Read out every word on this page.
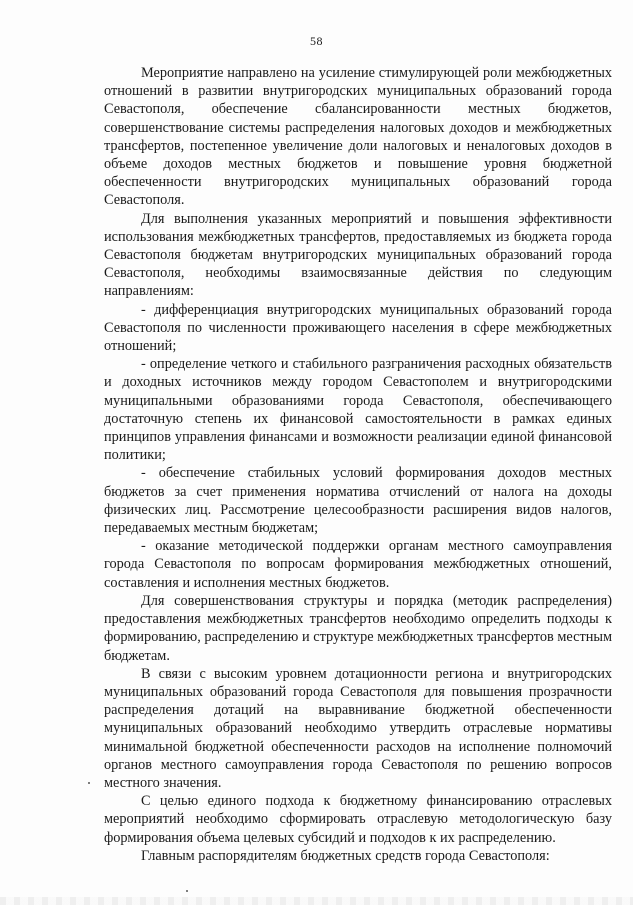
58

Мероприятие направлено на усиление стимулирующей роли межбюджетных отношений в развитии внутригородских муниципальных образований города Севастополя, обеспечение сбалансированности местных бюджетов, совершенствование системы распределения налоговых доходов и межбюджетных трансфертов, постепенное увеличение доли налоговых и неналоговых доходов в объеме доходов местных бюджетов и повышение уровня бюджетной обеспеченности внутригородских муниципальных образований города Севастополя.

Для выполнения указанных мероприятий и повышения эффективности использования межбюджетных трансфертов, предоставляемых из бюджета города Севастополя бюджетам внутригородских муниципальных образований города Севастополя, необходимы взаимосвязанные действия по следующим направлениям:

- дифференциация внутригородских муниципальных образований города Севастополя по численности проживающего населения в сфере межбюджетных отношений;

- определение четкого и стабильного разграничения расходных обязательств и доходных источников между городом Севастополем и внутригородскими муниципальными образованиями города Севастополя, обеспечивающего достаточную степень их финансовой самостоятельности в рамках единых принципов управления финансами и возможности реализации единой финансовой политики;

- обеспечение стабильных условий формирования доходов местных бюджетов за счет применения норматива отчислений от налога на доходы физических лиц. Рассмотрение целесообразности расширения видов налогов, передаваемых местным бюджетам;

- оказание методической поддержки органам местного самоуправления города Севастополя по вопросам формирования межбюджетных отношений, составления и исполнения местных бюджетов.

Для совершенствования структуры и порядка (методик распределения) предоставления межбюджетных трансфертов необходимо определить подходы к формированию, распределению и структуре межбюджетных трансфертов местным бюджетам.

В связи с высоким уровнем дотационности региона и внутригородских муниципальных образований города Севастополя для повышения прозрачности распределения дотаций на выравнивание бюджетной обеспеченности муниципальных образований необходимо утвердить отраслевые нормативы минимальной бюджетной обеспеченности расходов на исполнение полномочий органов местного самоуправления города Севастополя по решению вопросов местного значения.

С целью единого подхода к бюджетному финансированию отраслевых мероприятий необходимо сформировать отраслевую методологическую базу формирования объема целевых субсидий и подходов к их распределению.

Главным распорядителям бюджетных средств города Севастополя:
